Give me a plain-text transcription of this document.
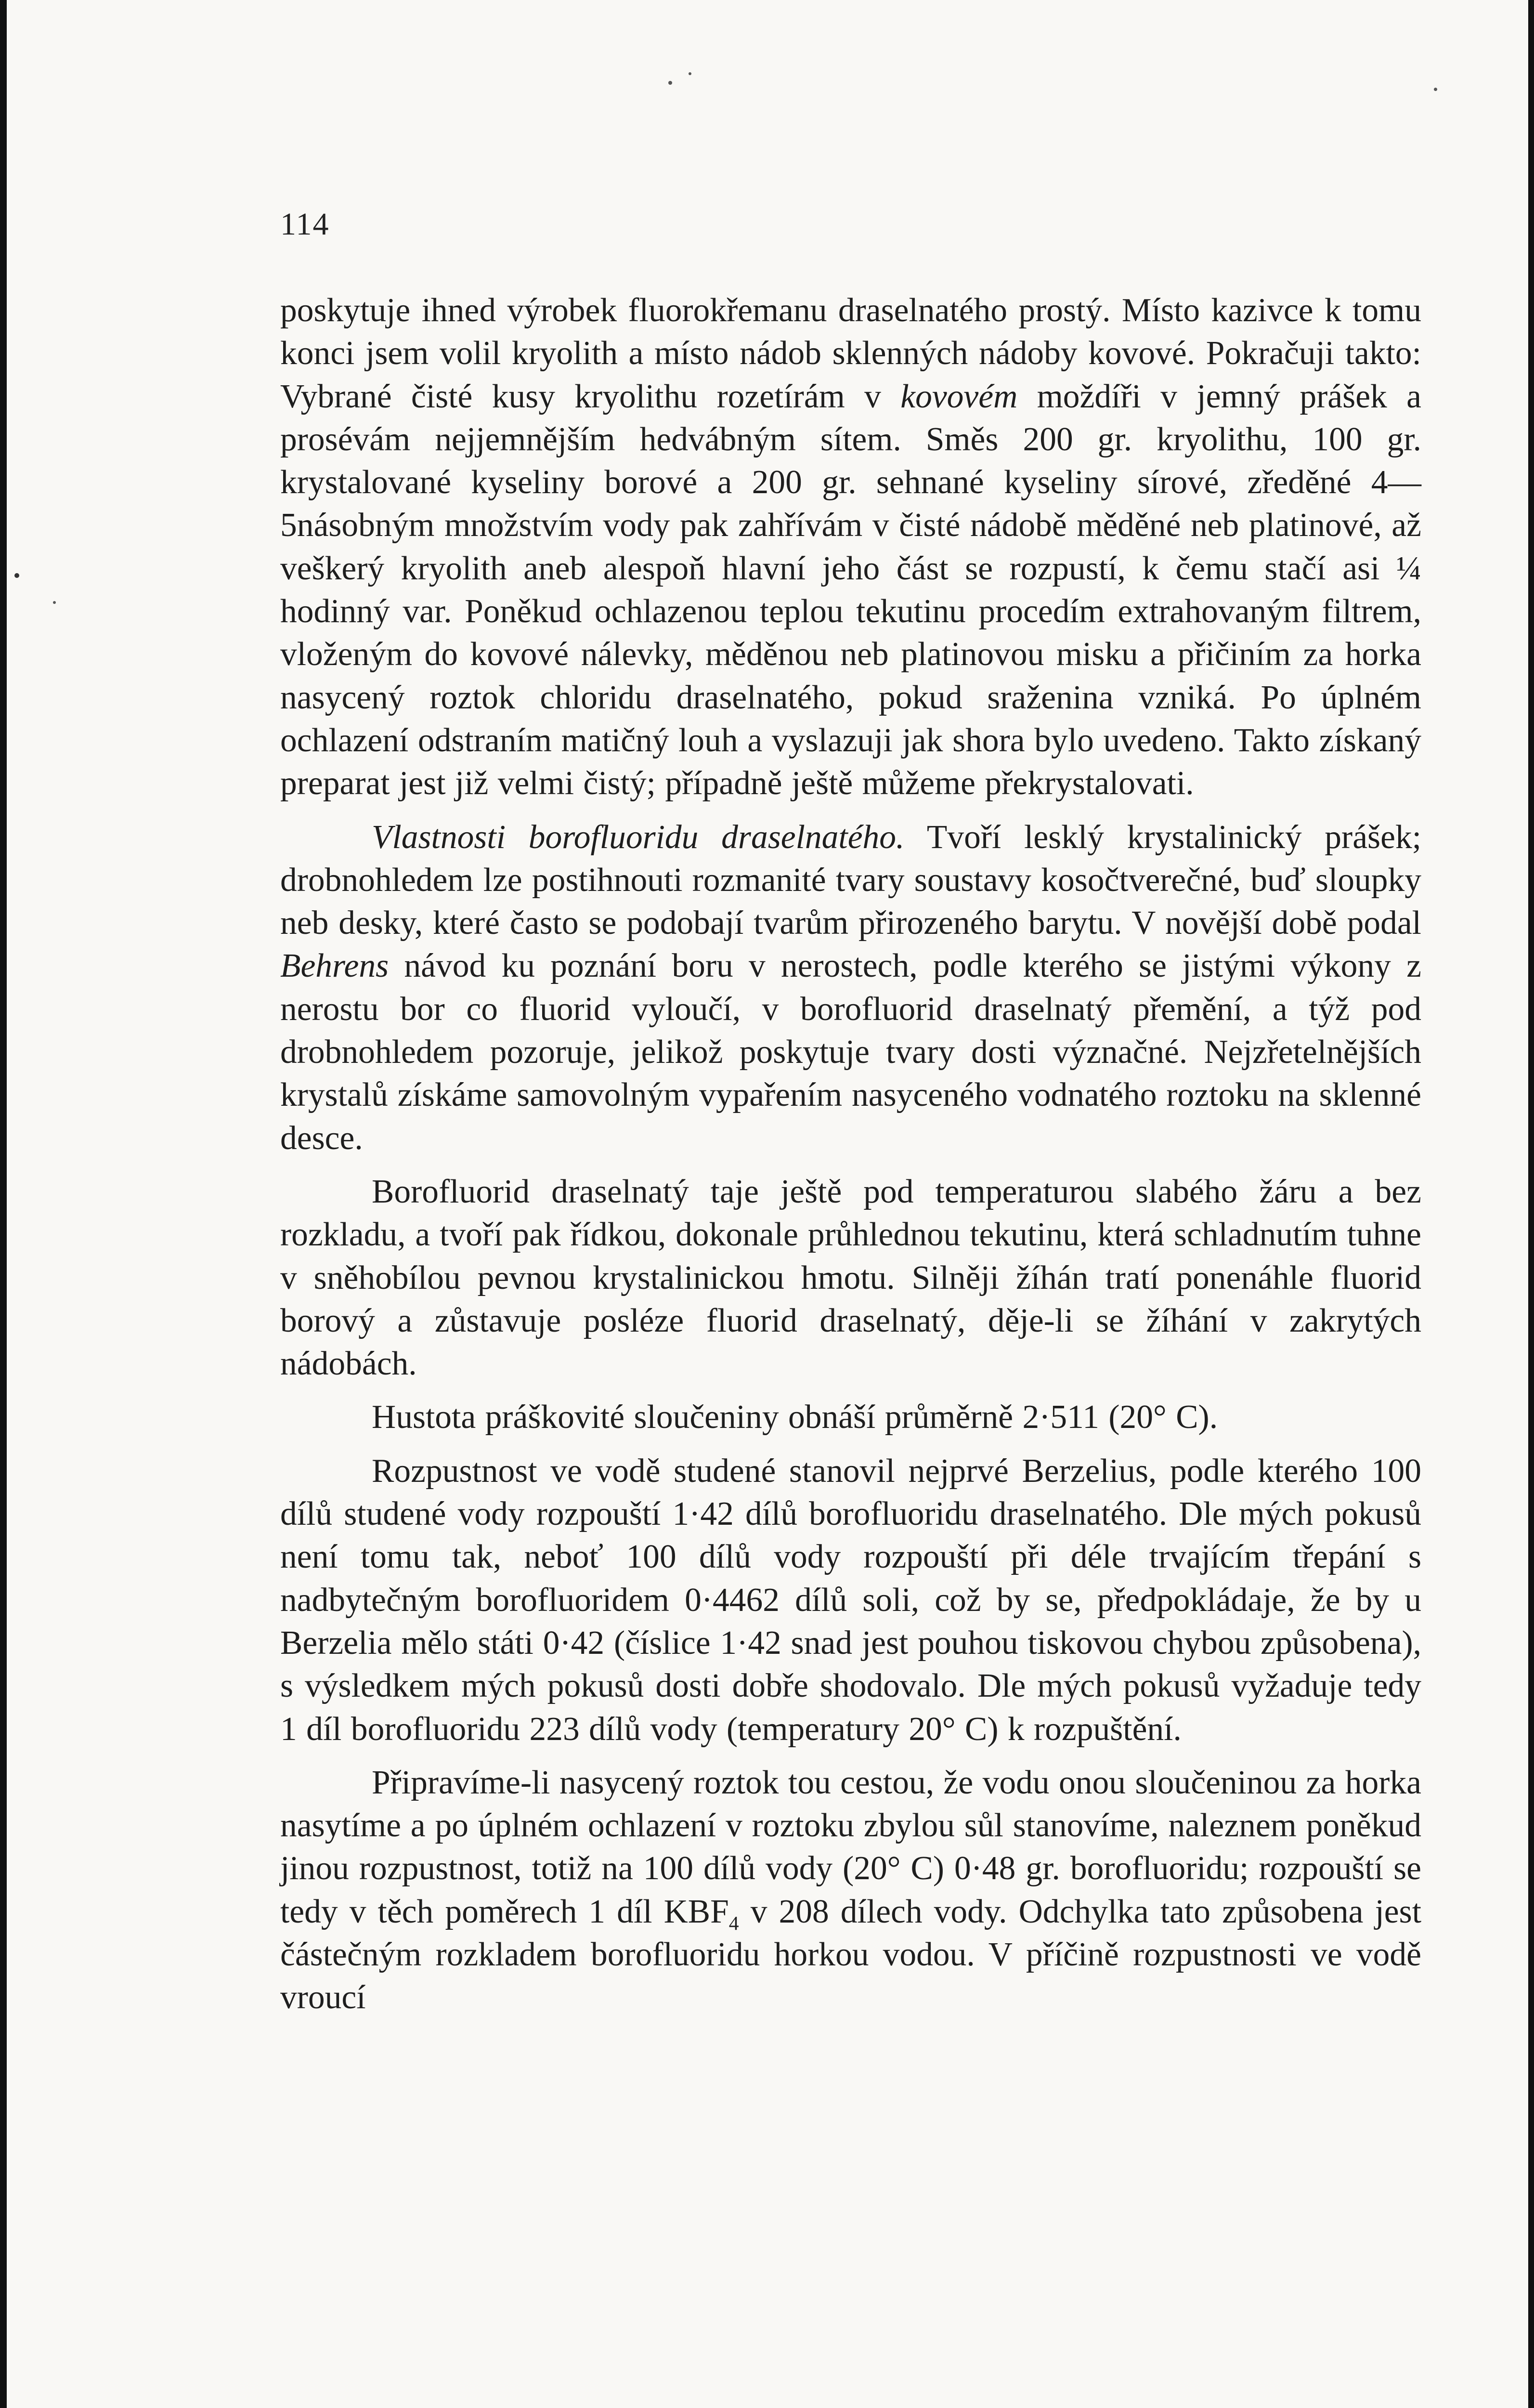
114

poskytuje ihned výrobek fluorokřemanu draselnatého prostý. Místo kazivce k tomu konci jsem volil kryolith a místo nádob sklenných nádoby kovové. Pokračuji takto: Vybrané čisté kusy kryolithu rozetírám v kovovém moždíři v jemný prášek a prosévám nejjemnějším hedvábným sítem. Směs 200 gr. kryolithu, 100 gr. krystalované kyseliny borové a 200 gr. sehnané kyseliny sírové, zředěné 4—5násobným množstvím vody pak zahřívám v čisté nádobě měděné neb platinové, až veškerý kryolith aneb alespoň hlavní jeho část se rozpustí, k čemu stačí asi ¼ hodinný var. Poněkud ochlazenou teplou tekutinu procedím extrahovaným filtrem, vloženým do kovové nálevky, měděnou neb platinovou misku a přičiním za horka nasycený roztok chloridu draselnatého, pokud sraženina vzniká. Po úplném ochlazení odstraním matičný louh a vyslazuji jak shora bylo uvedeno. Takto získaný preparat jest již velmi čistý; případně ještě můžeme překrystalovati.

Vlastnosti borofluoridu draselnatého. Tvoří lesklý krystalinický prášek; drobnohledem lze postihnouti rozmanité tvary soustavy kosočtverečné, buď sloupky neb desky, které často se podobají tvarům přirozeného barytu. V novější době podal Behrens návod ku poznání boru v nerostech, podle kterého se jistými výkony z nerostu bor co fluorid vyloučí, v borofluorid draselnatý přemění, a týž pod drobnohledem pozoruje, jelikož poskytuje tvary dosti význačné. Nejzřetelnějších krystalů získáme samovolným vypařením nasyceného vodnatého roztoku na sklenné desce.

Borofluorid draselnatý taje ještě pod temperaturou slabého žáru a bez rozkladu, a tvoří pak řídkou, dokonale průhlednou tekutinu, která schladnutím tuhne v sněhobílou pevnou krystalinickou hmotu. Silněji žíhán tratí ponenáhle fluorid borový a zůstavuje posléze fluorid draselnatý, děje-li se žíhání v zakrytých nádobách.

Hustota práškovité sloučeniny obnáší průměrně 2·511 (20° C).

Rozpustnost ve vodě studené stanovil nejprvé Berzelius, podle kterého 100 dílů studené vody rozpouští 1·42 dílů borofluoridu draselnatého. Dle mých pokusů není tomu tak, neboť 100 dílů vody rozpouští při déle trvajícím třepání s nadbytečným borofluoridem 0·4462 dílů soli, což by se, předpokládaje, že by u Berzelia mělo státi 0·42 (číslice 1·42 snad jest pouhou tiskovou chybou způsobena), s výsledkem mých pokusů dosti dobře shodovalo. Dle mých pokusů vyžaduje tedy 1 díl borofluoridu 223 dílů vody (temperatury 20° C) k rozpuštění.

Připravíme-li nasycený roztok tou cestou, že vodu onou sloučeninou za horka nasytíme a po úplném ochlazení v roztoku zbylou sůl stanovíme, naleznem poněkud jinou rozpustnost, totiž na 100 dílů vody (20° C) 0·48 gr. borofluoridu; rozpouští se tedy v těch poměrech 1 díl $KBF_4$ v 208 dílech vody. Odchylka tato způsobena jest částečným rozkladem borofluoridu horkou vodou. V příčině rozpustnosti ve vodě vroucí
